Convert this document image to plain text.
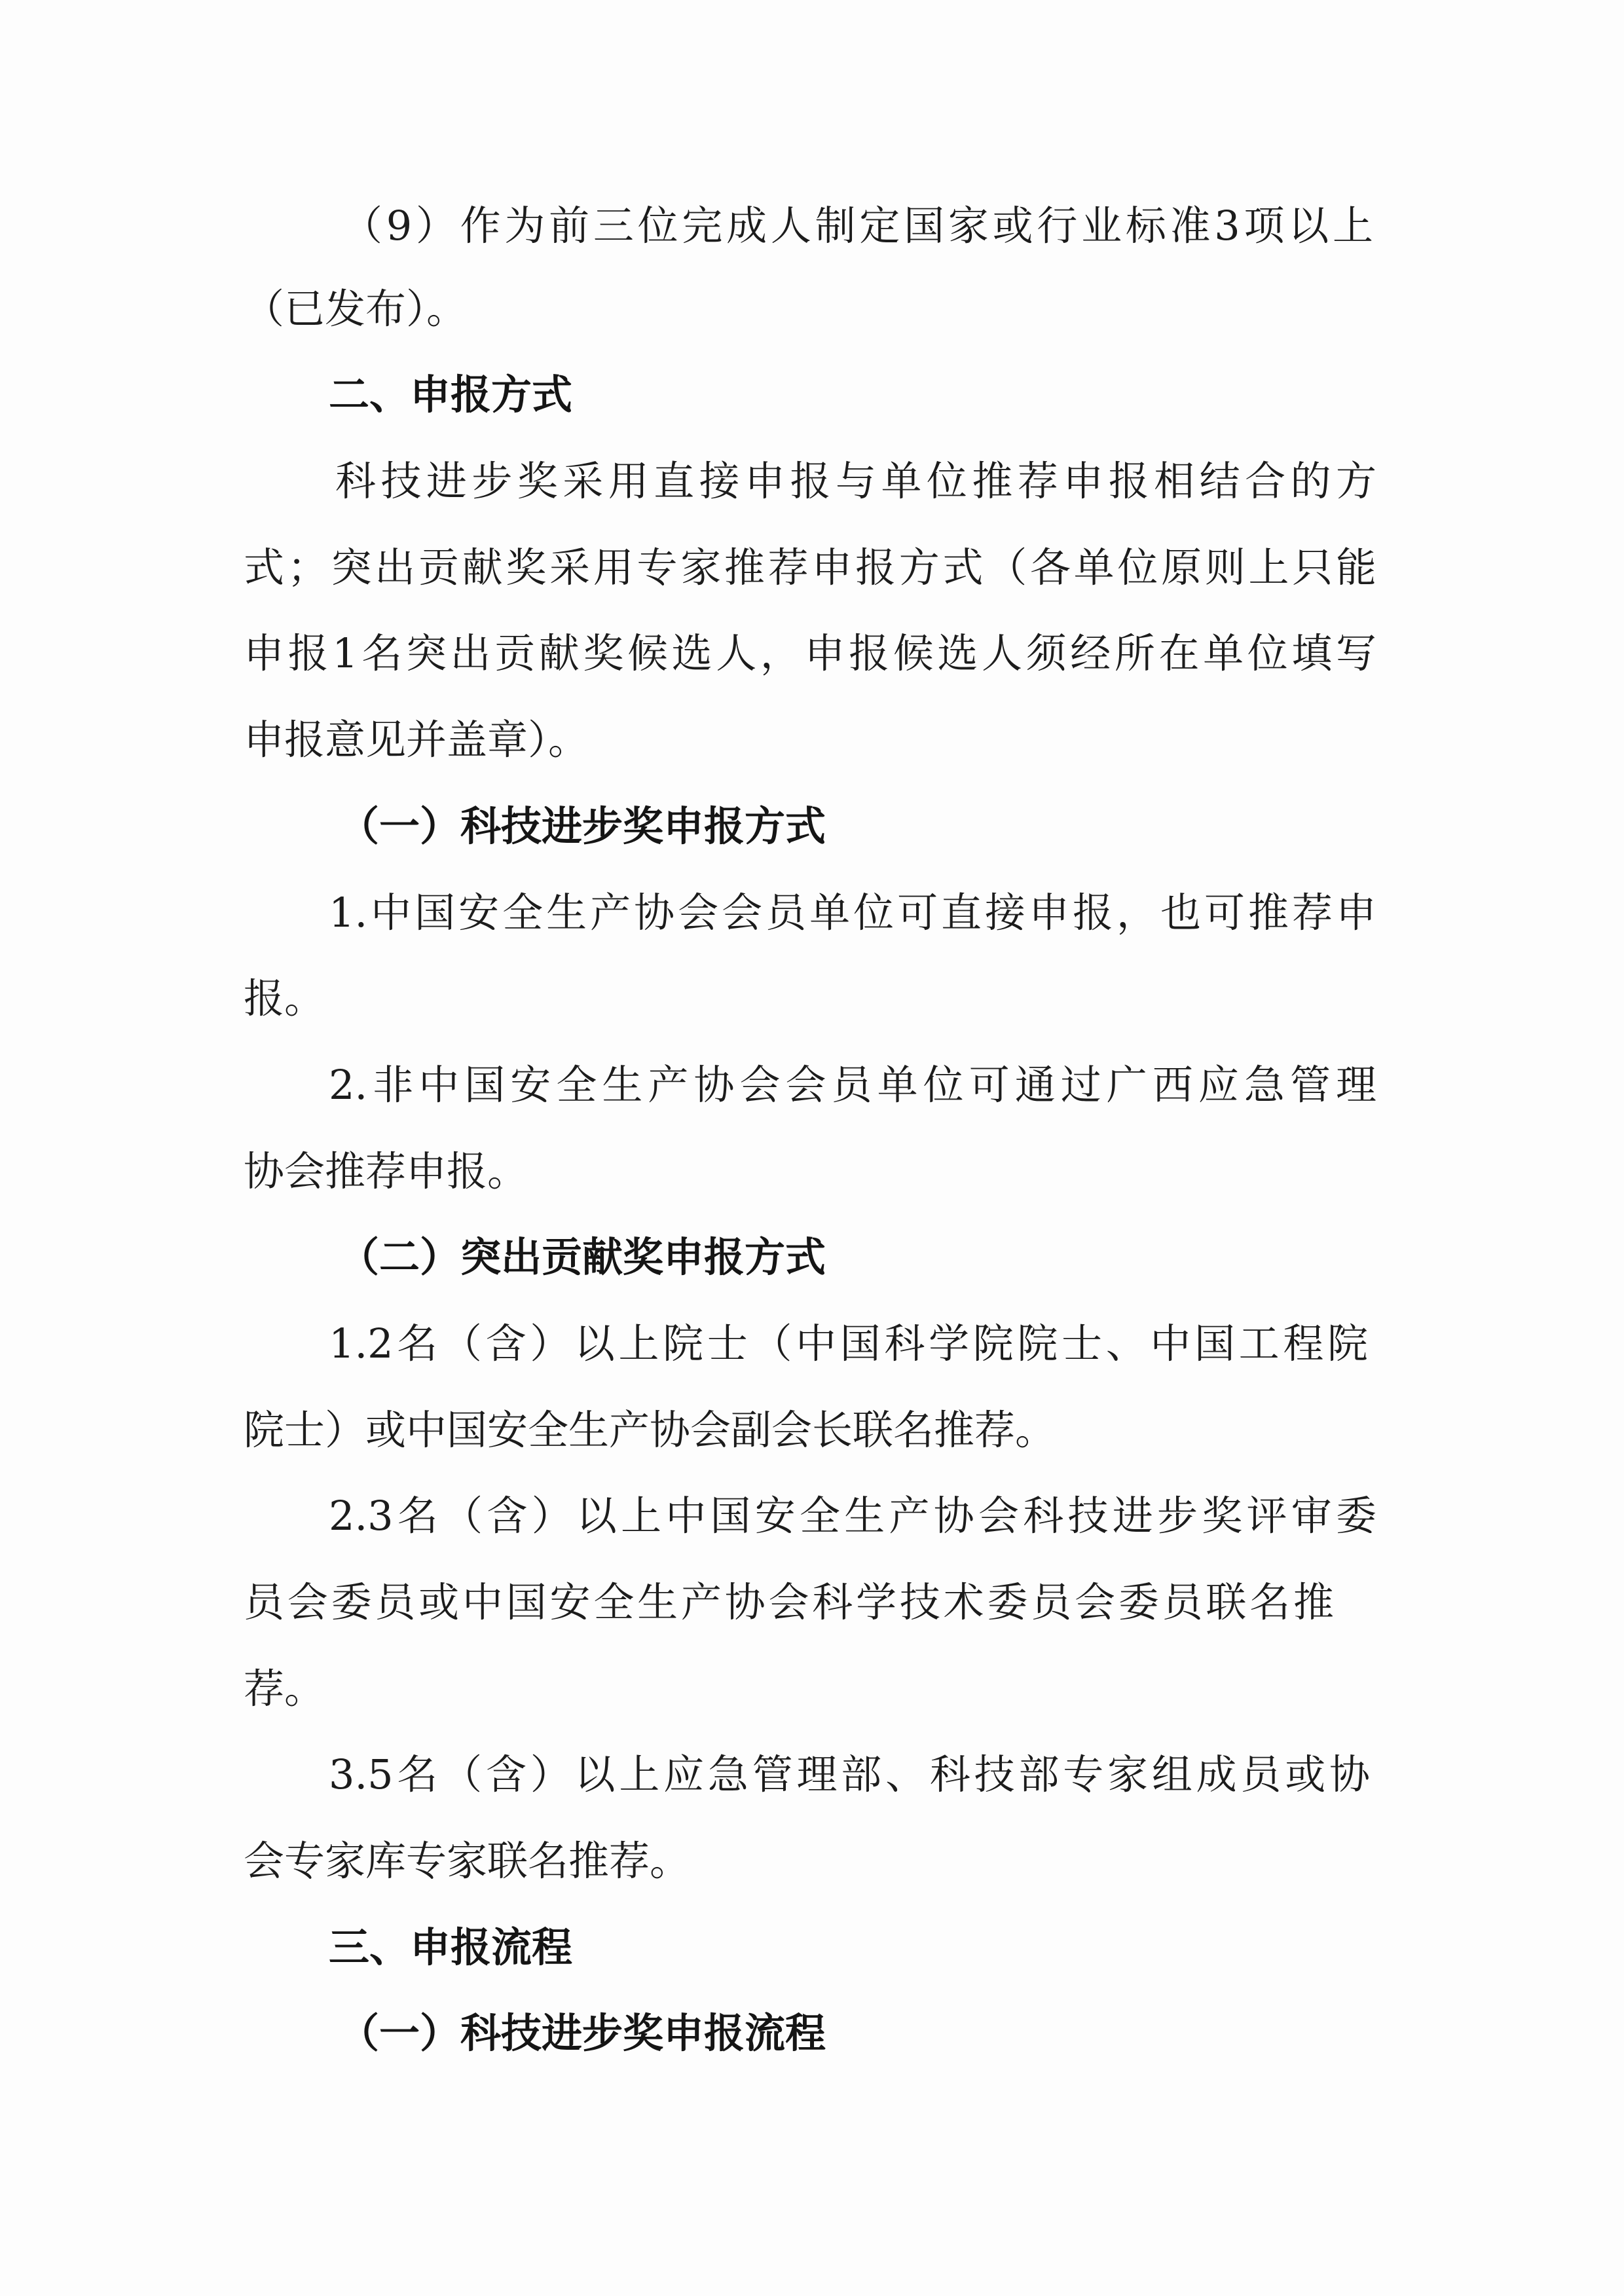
（9）作为前三位完成人制定国家或行业标准3项以上
（已发布）。
二、申报方式
科技进步奖采用直接申报与单位推荐申报相结合的方
式；突出贡献奖采用专家推荐申报方式（各单位原则上只能
申报1名突出贡献奖候选人，申报候选人须经所在单位填写
申报意见并盖章）。
（一）科技进步奖申报方式
1.中国安全生产协会会员单位可直接申报，也可推荐申
报。
2.非中国安全生产协会会员单位可通过广西应急管理
协会推荐申报。
（二）突出贡献奖申报方式
1.2名（含）以上院士（中国科学院院士、中国工程院
院士）或中国安全生产协会副会长联名推荐。
2.3名（含）以上中国安全生产协会科技进步奖评审委
员会委员或中国安全生产协会科学技术委员会委员联名推
荐。
3.5名（含）以上应急管理部、科技部专家组成员或协
会专家库专家联名推荐。
三、申报流程
（一）科技进步奖申报流程
